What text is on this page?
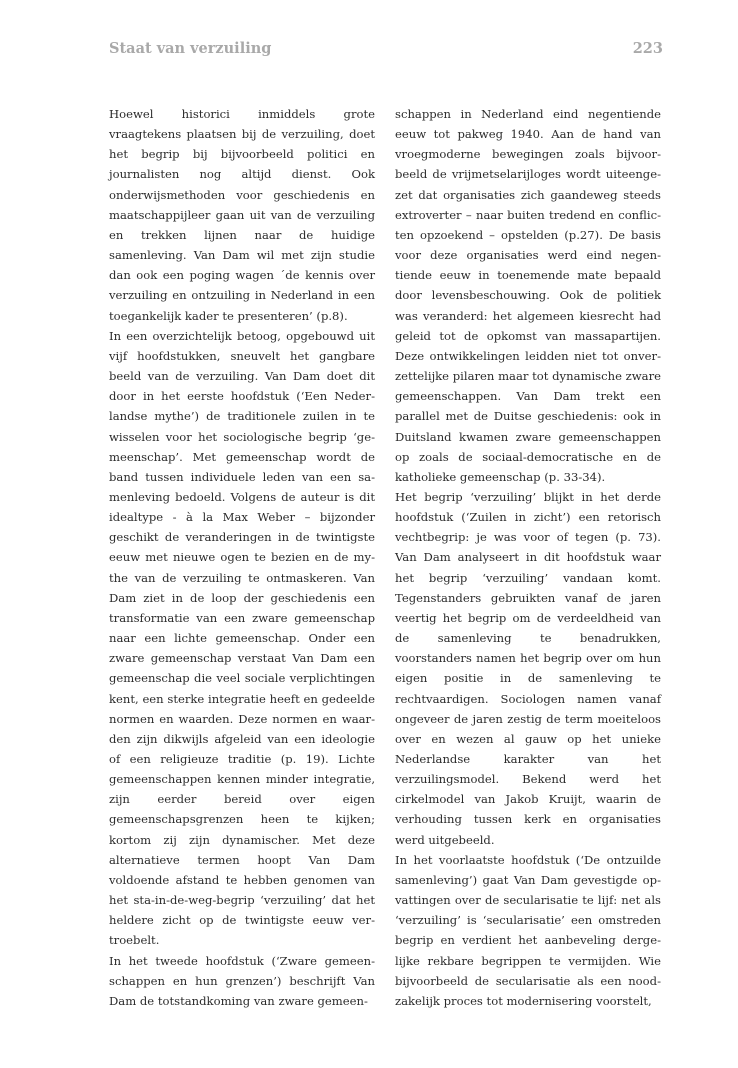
Staat van verzuiling	223

Hoewel historici inmiddels grote vraagtekens plaatsen bij de verzuiling, doet het begrip bij bijvoorbeeld politici en journalisten nog altijd dienst. Ook onderwijsmethoden voor geschiedenis en maatschappijleer gaan uit van de verzuiling en trekken lijnen naar de huidige samenleving. Van Dam wil met zijn studie dan ook een poging wagen ´de kennis over verzuiling en ontzuiling in Nederland in een toegankelijk kader te presenteren’ (p.8).

In een overzichtelijk betoog, opgebouwd uit vijf hoofdstukken, sneuvelt het gangbare beeld van de verzuiling. Van Dam doet dit door in het eerste hoofdstuk (‘Een Nederlandse mythe’) de traditionele zuilen in te wisselen voor het sociologische begrip ‘gemeenschap’. Met gemeenschap wordt de band tussen individuele leden van een samenleving bedoeld. Volgens de auteur is dit idealtype - à la Max Weber – bijzonder geschikt de veranderingen in de twintigste eeuw met nieuwe ogen te bezien en de mythe van de verzuiling te ontmaskeren. Van Dam ziet in de loop der geschiedenis een transformatie van een zware gemeenschap naar een lichte gemeenschap. Onder een zware gemeenschap verstaat Van Dam een gemeenschap die veel sociale verplichtingen kent, een sterke integratie heeft en gedeelde normen en waarden. Deze normen en waarden zijn dikwijls afgeleid van een ideologie of een religieuze traditie (p. 19). Lichte gemeenschappen kennen minder integratie, zijn eerder bereid over eigen gemeenschapsgrenzen heen te kijken; kortom zij zijn dynamischer. Met deze alternatieve termen hoopt Van Dam voldoende afstand te hebben genomen van het sta-in-de-weg-begrip ‘verzuiling’ dat het heldere zicht op de twintigste eeuw vertroebelt.

In het tweede hoofdstuk (‘Zware gemeenschappen en hun grenzen’) beschrijft Van Dam de totstandkoming van zware gemeen-

schappen in Nederland eind negentiende eeuw tot pakweg 1940. Aan de hand van vroegmoderne bewegingen zoals bijvoorbeeld de vrijmetselarijloges wordt uiteengezet dat organisaties zich gaandeweg steeds extroverter – naar buiten tredend en conflicten opzoekend – opstelden (p.27). De basis voor deze organisaties werd eind negentiende eeuw in toenemende mate bepaald door levensbeschouwing. Ook de politiek was veranderd: het algemeen kiesrecht had geleid tot de opkomst van massapartijen. Deze ontwikkelingen leidden niet tot onverzettelijke pilaren maar tot dynamische zware gemeenschappen. Van Dam trekt een parallel met de Duitse geschiedenis: ook in Duitsland kwamen zware gemeenschappen op zoals de sociaal-democratische en de katholieke gemeenschap (p. 33-34).

Het begrip ‘verzuiling’ blijkt in het derde hoofdstuk (‘Zuilen in zicht’) een retorisch vechtbegrip: je was voor of tegen (p. 73). Van Dam analyseert in dit hoofdstuk waar het begrip ‘verzuiling’ vandaan komt. Tegenstanders gebruikten vanaf de jaren veertig het begrip om de verdeeldheid van de samenleving te benadrukken, voorstanders namen het begrip over om hun eigen positie in de samenleving te rechtvaardigen. Sociologen namen vanaf ongeveer de jaren zestig de term moeiteloos over en wezen al gauw op het unieke Nederlandse karakter van het verzuilingsmodel. Bekend werd het cirkelmodel van Jakob Kruijt, waarin de verhouding tussen kerk en organisaties werd uitgebeeld.

In het voorlaatste hoofdstuk (‘De ontzuilde samenleving’) gaat Van Dam gevestigde opvattingen over de secularisatie te lijf: net als ‘verzuiling’ is ‘secularisatie’ een omstreden begrip en verdient het aanbeveling dergelijke rekbare begrippen te vermijden. Wie bijvoorbeeld de secularisatie als een noodzakelijk proces tot modernisering voorstelt,
